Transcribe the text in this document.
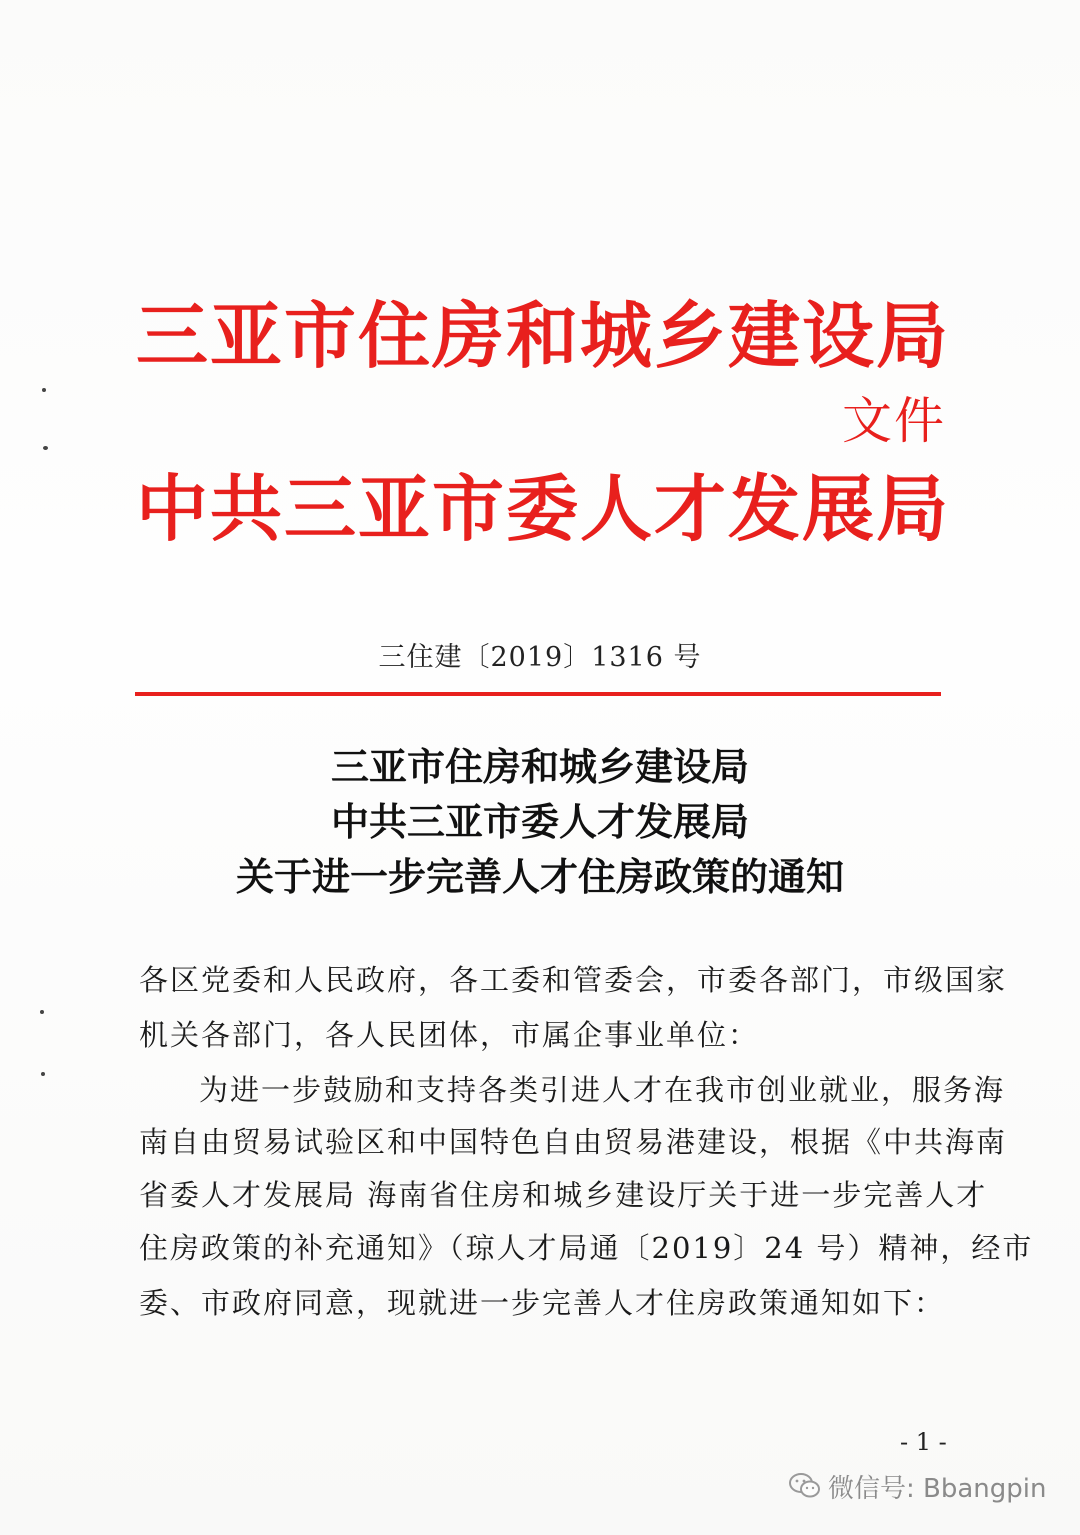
三亚市住房和城乡建设局
文件
中共三亚市委人才发展局
三住建〔2019〕1316 号
三亚市住房和城乡建设局
中共三亚市委人才发展局
关于进一步完善人才住房政策的通知
各区党委和人民政府，各工委和管委会，市委各部门，市级国家
机关各部门，各人民团体，市属企事业单位：
为进一步鼓励和支持各类引进人才在我市创业就业，服务海
南自由贸易试验区和中国特色自由贸易港建设，根据《中共海南
省委人才发展局 海南省住房和城乡建设厅关于进一步完善人才
住房政策的补充通知》（琼人才局通〔2019〕24 号）精神，经市
委、市政府同意，现就进一步完善人才住房政策通知如下：
- 1 -
微信号: Bbangpin
